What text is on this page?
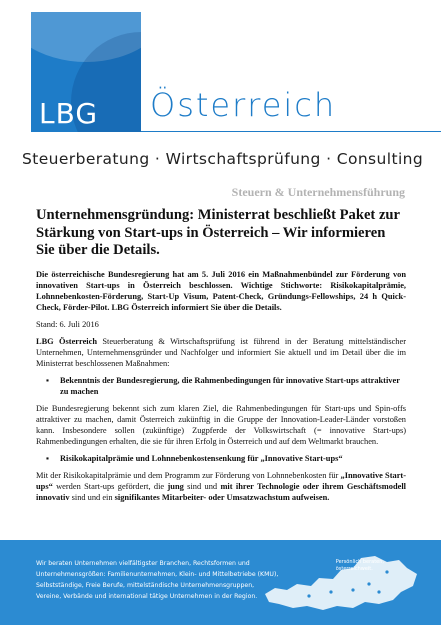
LBG Österreich
Steuerberatung · Wirtschaftsprüfung · Consulting
Steuern & Unternehmensführung
Unternehmensgründung: Ministerrat beschließt Paket zur Stärkung von Start-ups in Österreich – Wir informieren Sie über die Details.

Die österreichische Bundesregierung hat am 5. Juli 2016 ein Maßnahmenbündel zur Förderung von innovativen Start-ups in Österreich beschlossen. Wichtige Stichworte: Risikokapitalprämie, Lohnnebenkosten-Förderung, Start-Up Visum, Patent-Check, Gründungs-Fellowships, 24 h Quick-Check, Förder-Pilot. LBG Österreich informiert Sie über die Details.

Stand: 6. Juli 2016

LBG Österreich Steuerberatung & Wirtschaftsprüfung ist führend in der Beratung mittelständischer Unternehmen, Unternehmensgründer und Nachfolger und informiert Sie aktuell und im Detail über die im Ministerrat beschlossenen Maßnahmen:

▪	Bekenntnis der Bundesregierung, die Rahmenbedingungen für innovative Start-ups attraktiver zu machen

Die Bundesregierung bekennt sich zum klaren Ziel, die Rahmenbedingungen für Start-ups und Spin-offs attraktiver zu machen, damit Österreich zukünftig in die Gruppe der Innovation-Leader-Länder vorstoßen kann. Insbesondere sollen (zukünftige) Zugpferde der Volkswirtschaft (= innovative Start-ups) Rahmenbedingungen erhalten, die sie für ihren Erfolg in Österreich und auf dem Weltmarkt brauchen.

▪	Risikokapitalprämie und Lohnnebenkostensenkung für „Innovative Start-ups“

Mit der Risikokapitalprämie und dem Programm zur Förderung von Lohnnebenkosten für „Innovative Start-ups“ werden Start-ups gefördert, die jung sind und mit ihrer Technologie oder ihrem Geschäftsmodell innovativ sind und ein signifikantes Mitarbeiter- oder Umsatzwachstum aufweisen.

Wir beraten Unternehmen vielfältigster Branchen, Rechtsformen und Unternehmensgrößen: Familienunternehmen, Klein- und Mittelbetriebe (KMU), Selbstständige, Freie Berufe, mittelständische Unternehmensgruppen, Vereine, Verbände und international tätige Unternehmen in der Region.
Persönlich beraten,
österreichweit.
